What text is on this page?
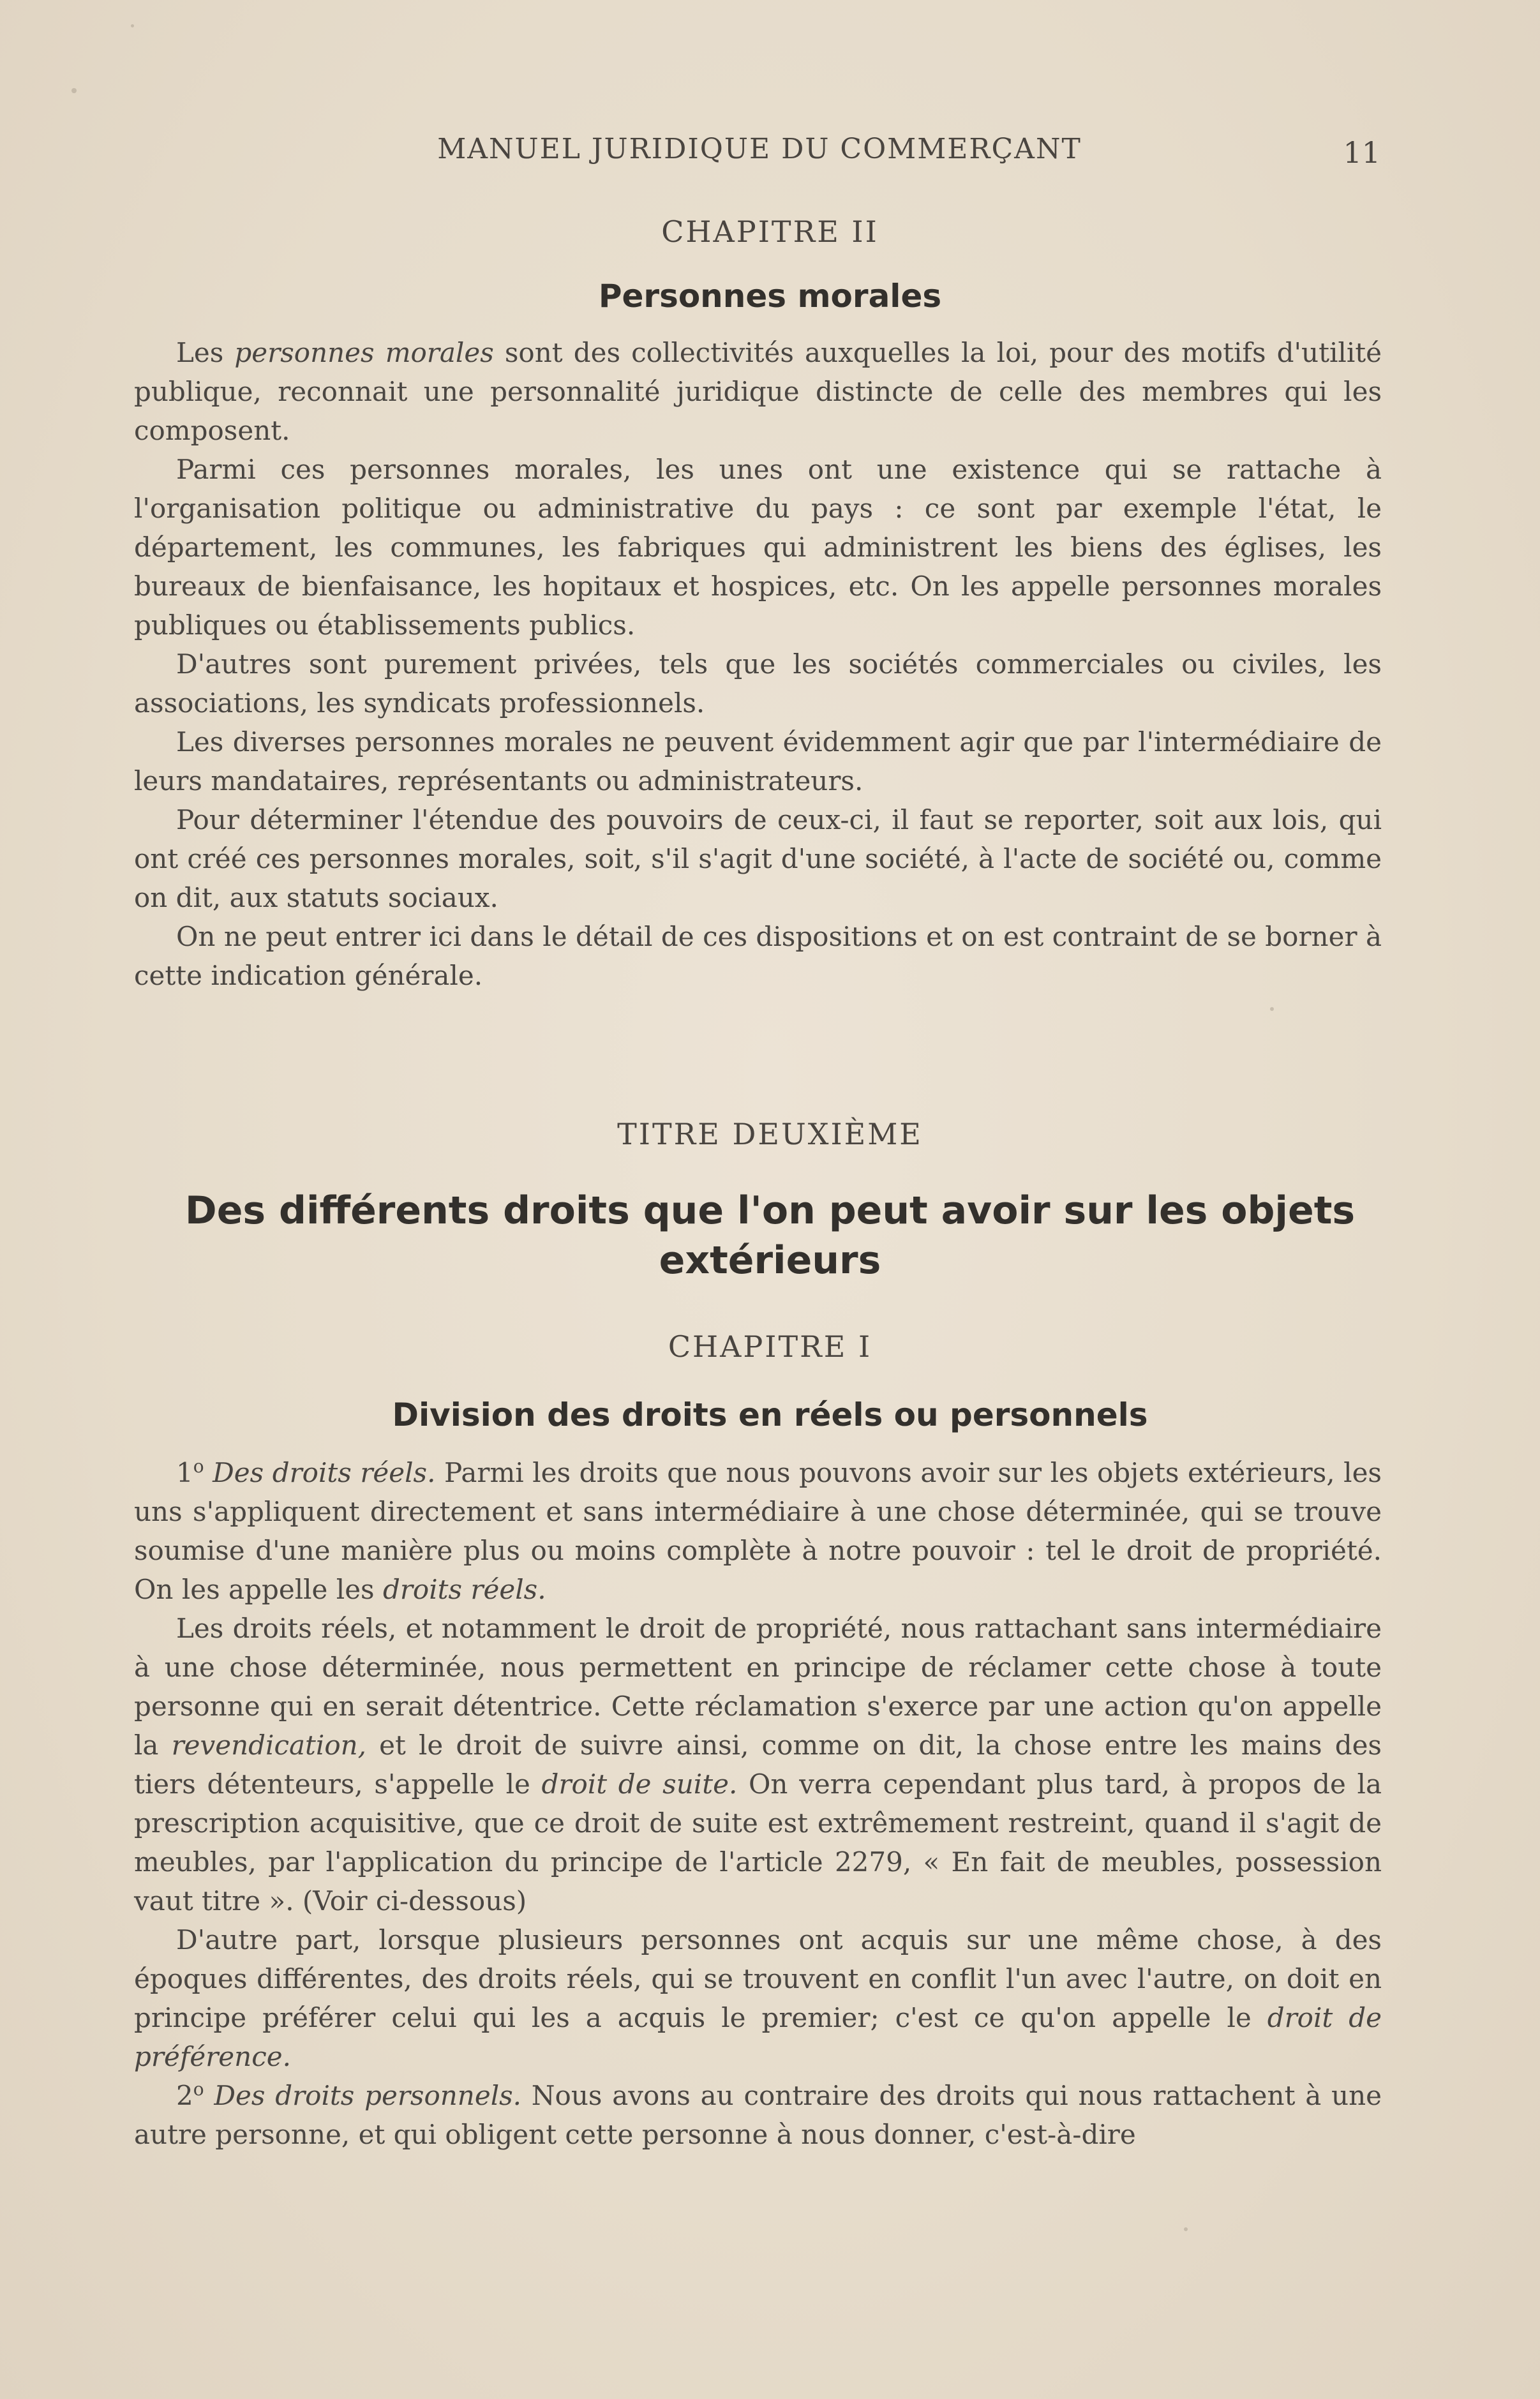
MANUEL JURIDIQUE DU COMMERÇANT	11
CHAPITRE II
Personnes morales

Les personnes morales sont des collectivités auxquelles la loi, pour des motifs d'utilité publique, reconnait une personnalité juridique distincte de celle des membres qui les composent.

Parmi ces personnes morales, les unes ont une existence qui se rattache à l'organisation politique ou administrative du pays : ce sont par exemple l'état, le département, les communes, les fabriques qui administrent les biens des églises, les bureaux de bienfaisance, les hopitaux et hospices, etc. On les appelle personnes morales publiques ou établissements publics.

D'autres sont purement privées, tels que les sociétés commerciales ou civiles, les associations, les syndicats professionnels.

Les diverses personnes morales ne peuvent évidemment agir que par l'intermédiaire de leurs mandataires, représentants ou administrateurs.

Pour déterminer l'étendue des pouvoirs de ceux-ci, il faut se reporter, soit aux lois, qui ont créé ces personnes morales, soit, s'il s'agit d'une société, à l'acte de société ou, comme on dit, aux statuts sociaux.

On ne peut entrer ici dans le détail de ces dispositions et on est contraint de se borner à cette indication générale.

TITRE DEUXIÈME
Des différents droits que l'on peut avoir sur les objets
extérieurs
CHAPITRE I
Division des droits en réels ou personnels

1$^o$ Des droits réels. Parmi les droits que nous pouvons avoir sur les objets extérieurs, les uns s'appliquent directement et sans intermédiaire à une chose déterminée, qui se trouve soumise d'une manière plus ou moins complète à notre pouvoir : tel le droit de propriété. On les appelle les droits réels.

Les droits réels, et notamment le droit de propriété, nous rattachant sans intermédiaire à une chose déterminée, nous permettent en principe de réclamer cette chose à toute personne qui en serait détentrice. Cette réclamation s'exerce par une action qu'on appelle la revendication, et le droit de suivre ainsi, comme on dit, la chose entre les mains des tiers détenteurs, s'appelle le droit de suite. On verra cependant plus tard, à propos de la prescription acquisitive, que ce droit de suite est extrêmement restreint, quand il s'agit de meubles, par l'application du principe de l'article 2279, « En fait de meubles, possession vaut titre ». (Voir ci-dessous)

D'autre part, lorsque plusieurs personnes ont acquis sur une même chose, à des époques différentes, des droits réels, qui se trouvent en conflit l'un avec l'autre, on doit en principe préférer celui qui les a acquis le premier; c'est ce qu'on appelle le droit de préférence.

2$^o$ Des droits personnels. Nous avons au contraire des droits qui nous rattachent à une autre personne, et qui obligent cette personne à nous donner, c'est-à-dire
